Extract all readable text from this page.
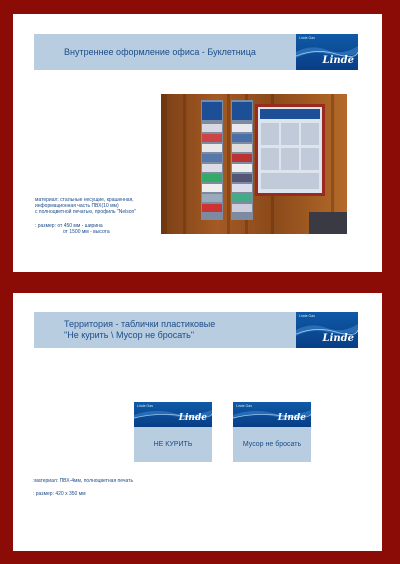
Внутреннее оформление офиса - Буклетница
Linde Gas
Linde
материал: стальные несущие, крашенная,
информационная часть ПВХ(10 мм)
с полноцветной печатью, профиль "Nelson"
: размер: от 450 мм - ширина
от 1500 мм - высота
Территория - таблички пластиковые
"Не курить \ Мусор не бросать"
Linde Gas
Linde
Linde Gas
Linde
НЕ КУРИТЬ
Linde Gas
Linde
Мусор не бросать
:материал: ПВХ-4мм, полноцветная печать
: размер: 420 х 350 мм
